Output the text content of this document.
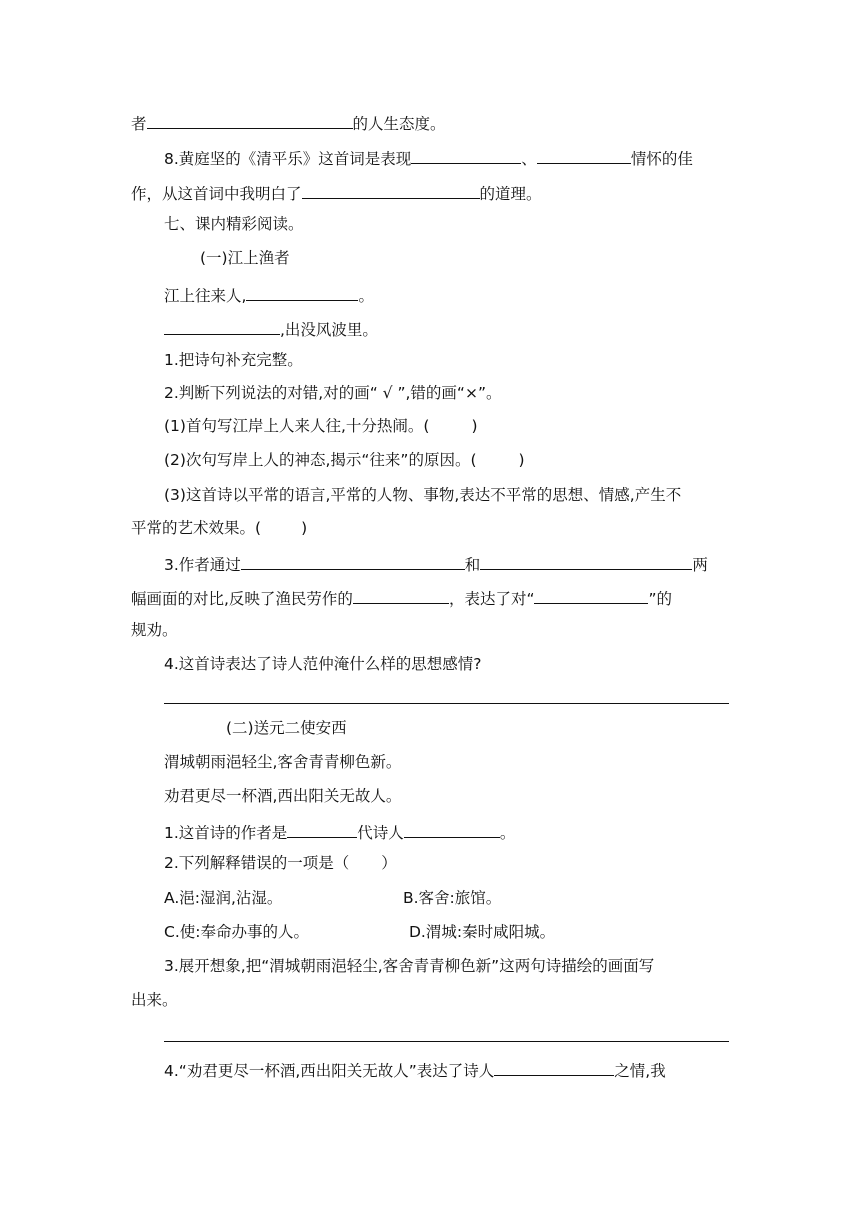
者	的人生态度。
8.黄庭坚的《清平乐》这首词是表现	、	情怀的佳
作，从这首词中我明白了	的道理。
七、课内精彩阅读。
(一)江上渔者
江上往来人,	。
,出没风波里。
1.把诗句补充完整。
2.判断下列说法的对错,对的画“ √ ”,错的画“×”。
(1)首句写江岸上人来人往,十分热闹。(	)
(2)次句写岸上人的神态,揭示“往来”的原因。(	)
(3)这首诗以平常的语言,平常的人物、事物,表达不平常的思想、情感,产生不
平常的艺术效果。(	)
3.作者通过	和	两
幅画面的对比,反映了渔民劳作的	，表达了对“	”的
规劝。
4.这首诗表达了诗人范仲淹什么样的思想感情?
(二)送元二使安西
渭城朝雨浥轻尘,客舍青青柳色新。
劝君更尽一杯酒,西出阳关无故人。
1.这首诗的作者是	代诗人	。
2.下列解释错误的一项是（ ）
A.浥:湿润,沾湿。	B.客舍:旅馆。
C.使:奉命办事的人。	D.渭城:秦时咸阳城。
3.展开想象,把“渭城朝雨浥轻尘,客舍青青柳色新”这两句诗描绘的画面写
出来。
4.“劝君更尽一杯酒,西出阳关无故人”表达了诗人	之情,我
